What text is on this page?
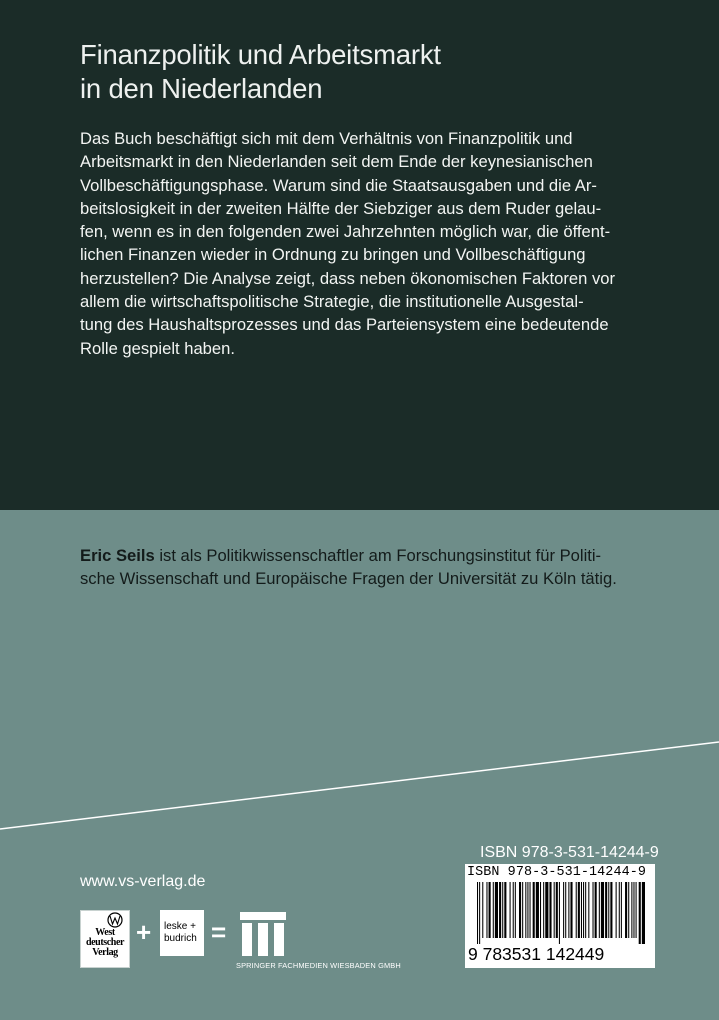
Finanzpolitik und Arbeitsmarkt
in den Niederlanden
Das Buch beschäftigt sich mit dem Verhältnis von Finanzpolitik und
Arbeitsmarkt in den Niederlanden seit dem Ende der keynesianischen
Vollbeschäftigungsphase. Warum sind die Staatsausgaben und die Ar-
beitslosigkeit in der zweiten Hälfte der Siebziger aus dem Ruder gelau-
fen, wenn es in den folgenden zwei Jahrzehnten möglich war, die öffent-
lichen Finanzen wieder in Ordnung zu bringen und Vollbeschäftigung
herzustellen? Die Analyse zeigt, dass neben ökonomischen Faktoren vor
allem die wirtschaftspolitische Strategie, die institutionelle Ausgestal-
tung des Haushaltsprozesses und das Parteiensystem eine bedeutende
Rolle gespielt haben.
Eric Seils ist als Politikwissenschaftler am Forschungsinstitut für Politi-
sche Wissenschaft und Europäische Fragen der Universität zu Köln tätig.
www.vs-verlag.de
West deutscher Verlag
+ leske +
budrich =
SPRINGER FACHMEDIEN WIESBADEN GMBH
ISBN 978-3-531-14244-9
ISBN 978-3-531-14244-9
9 783531 142449
